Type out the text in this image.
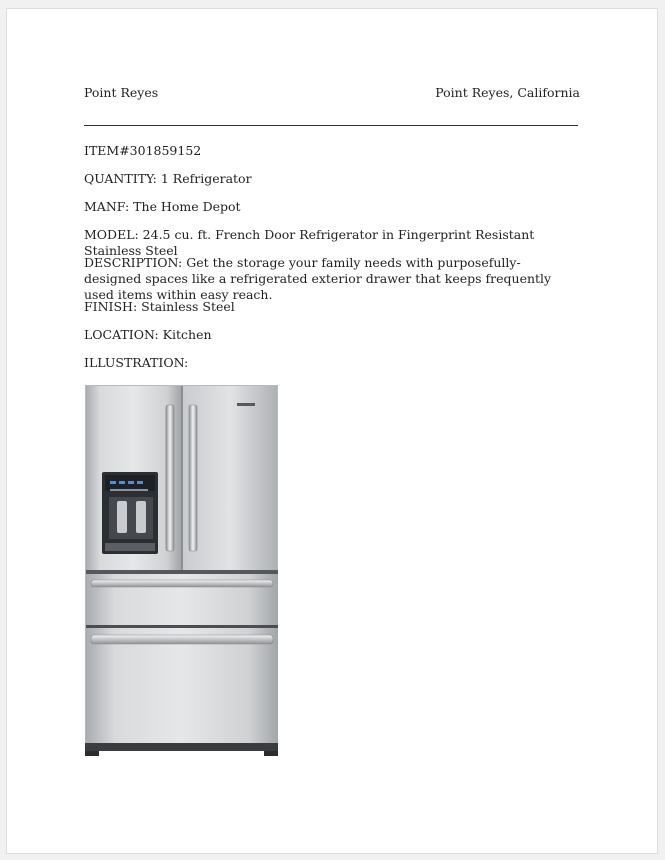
Point Reyes	Point Reyes, California
ITEM#301859152
QUANTITY: 1 Refrigerator
MANF: The Home Depot
MODEL: 24.5 cu. ft. French Door Refrigerator in Fingerprint Resistant Stainless Steel
DESCRIPTION: Get the storage your family needs with purposefully-designed spaces like a refrigerated exterior drawer that keeps frequently used items within easy reach.
FINISH: Stainless Steel
LOCATION: Kitchen
ILLUSTRATION:
